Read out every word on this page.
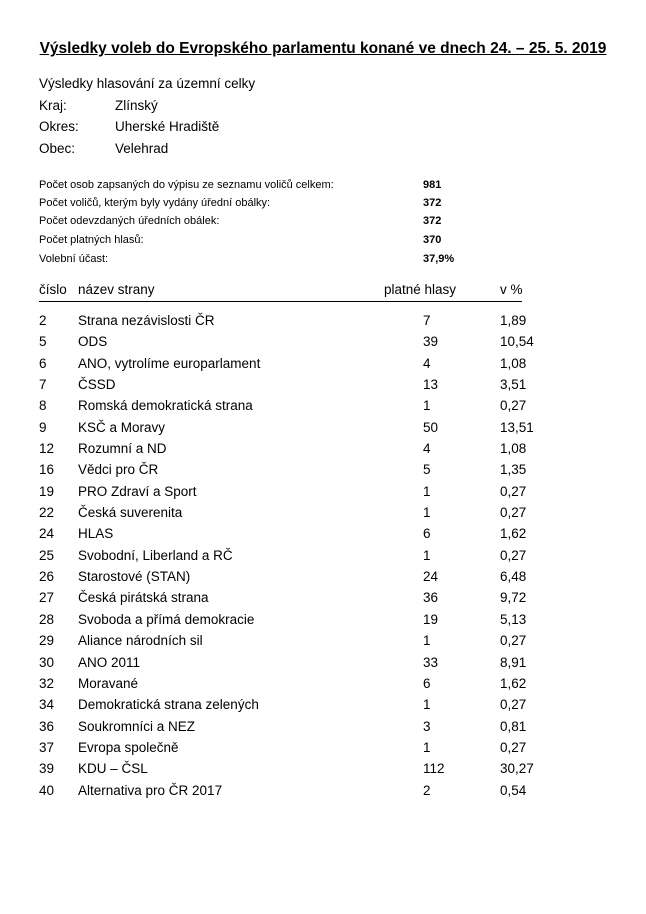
Výsledky voleb do Evropského parlamentu konané ve dnech 24. – 25. 5. 2019
Výsledky hlasování za územní celky
Kraj:	Zlínský
Okres:	Uherské Hradiště
Obec:	Velehrad
Počet osob zapsaných do výpisu ze seznamu voličů celkem:	981
Počet voličů, kterým byly vydány úřední obálky:	372
Počet odevzdaných úředních obálek:	372
Počet platných hlasů:	370
Volební účast:	37,9%
číslo název strany	platné hlasy	v %
2 Strana nezávislosti ČR	7	1,89
5 ODS	39	10,54
6 ANO, vytrolíme europarlament	4	1,08
7 ČSSD	13	3,51
8 Romská demokratická strana	1	0,27
9 KSČ a Moravy	50	13,51
12 Rozumní a ND	4	1,08
16 Vědci pro ČR	5	1,35
19 PRO Zdraví a Sport	1	0,27
22 Česká suverenita	1	0,27
24 HLAS	6	1,62
25 Svobodní, Liberland a RČ	1	0,27
26 Starostové (STAN)	24	6,48
27 Česká pirátská strana	36	9,72
28 Svoboda a přímá demokracie	19	5,13
29 Aliance národních sil	1	0,27
30 ANO 2011	33	8,91
32 Moravané	6	1,62
34 Demokratická strana zelených	1	0,27
36 Soukromníci a NEZ	3	0,81
37 Evropa společně	1	0,27
39 KDU – ČSL	112	30,27
40 Alternativa pro ČR 2017	2	0,54
